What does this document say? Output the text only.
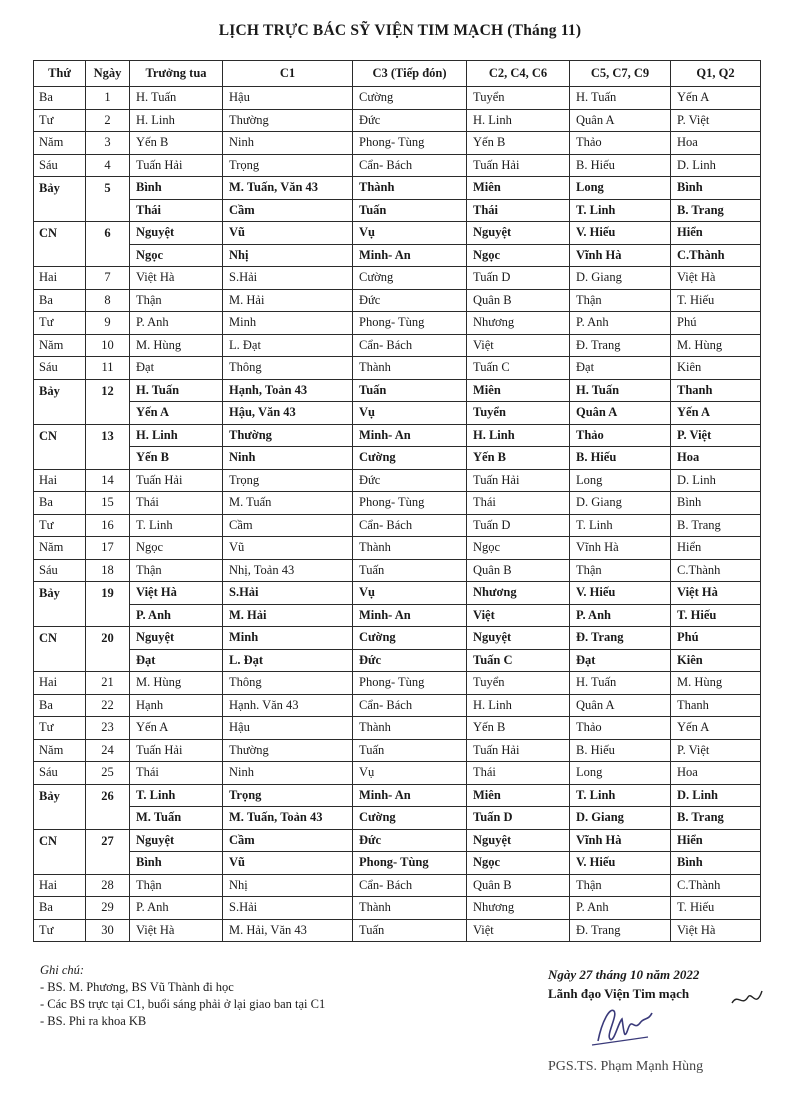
LỊCH TRỰC BÁC SỸ VIỆN TIM MẠCH (Tháng 11)
Thứ	Ngày	Trưởng tua	C1	C3 (Tiếp đón)	C2, C4, C6	C5, C7, C9	Q1, Q2
Ba	1	H. Tuấn	Hậu	Cường	Tuyển	H. Tuấn	Yến A
Tư	2	H. Linh	Thường	Đức	H. Linh	Quân A	P. Việt
Năm	3	Yến B	Ninh	Phong- Tùng	Yến B	Thảo	Hoa
Sáu	4	Tuấn Hải	Trọng	Cẩn- Bách	Tuấn Hải	B. Hiếu	D. Linh
Bảy	5	Bình	M. Tuấn, Văn 43	Thành	Miên	Long	Bình
		Thái	Cầm	Tuấn	Thái	T. Linh	B. Trang
CN	6	Nguyệt	Vũ	Vụ	Nguyệt	V. Hiếu	Hiển
		Ngọc	Nhị	Minh- An	Ngọc	Vĩnh Hà	C.Thành
Hai	7	Việt Hà	S.Hải	Cường	Tuấn D	D. Giang	Việt Hà
Ba	8	Thận	M. Hải	Đức	Quân B	Thận	T. Hiếu
Tư	9	P. Anh	Minh	Phong- Tùng	Nhương	P. Anh	Phú
Năm	10	M. Hùng	L. Đạt	Cẩn- Bách	Việt	Đ. Trang	M. Hùng
Sáu	11	Đạt	Thông	Thành	Tuấn C	Đạt	Kiên
Bảy	12	H. Tuấn	Hạnh, Toản 43	Tuấn	Miên	H. Tuấn	Thanh
		Yến A	Hậu, Văn 43	Vụ	Tuyển	Quân A	Yến A
CN	13	H. Linh	Thường	Minh- An	H. Linh	Thảo	P. Việt
		Yến B	Ninh	Cường	Yến B	B. Hiếu	Hoa
Hai	14	Tuấn Hải	Trọng	Đức	Tuấn Hải	Long	D. Linh
Ba	15	Thái	M. Tuấn	Phong- Tùng	Thái	D. Giang	Bình
Tư	16	T. Linh	Cầm	Cẩn- Bách	Tuấn D	T. Linh	B. Trang
Năm	17	Ngọc	Vũ	Thành	Ngọc	Vĩnh Hà	Hiển
Sáu	18	Thận	Nhị, Toản 43	Tuấn	Quân B	Thận	C.Thành
Bảy	19	Việt Hà	S.Hải	Vụ	Nhương	V. Hiếu	Việt Hà
		P. Anh	M. Hải	Minh- An	Việt	P. Anh	T. Hiếu
CN	20	Nguyệt	Minh	Cường	Nguyệt	Đ. Trang	Phú
		Đạt	L. Đạt	Đức	Tuấn C	Đạt	Kiên
Hai	21	M. Hùng	Thông	Phong- Tùng	Tuyển	H. Tuấn	M. Hùng
Ba	22	Hạnh	Hạnh. Văn 43	Cẩn- Bách	H. Linh	Quân A	Thanh
Tư	23	Yến A	Hậu	Thành	Yến B	Thảo	Yến A
Năm	24	Tuấn Hải	Thường	Tuấn	Tuấn Hải	B. Hiếu	P. Việt
Sáu	25	Thái	Ninh	Vụ	Thái	Long	Hoa
Bảy	26	T. Linh	Trọng	Minh- An	Miên	T. Linh	D. Linh
		M. Tuấn	M. Tuấn, Toản 43	Cường	Tuấn D	D. Giang	B. Trang
CN	27	Nguyệt	Cầm	Đức	Nguyệt	Vĩnh Hà	Hiển
		Bình	Vũ	Phong- Tùng	Ngọc	V. Hiếu	Bình
Hai	28	Thận	Nhị	Cẩn- Bách	Quân B	Thận	C.Thành
Ba	29	P. Anh	S.Hải	Thành	Nhương	P. Anh	T. Hiếu
Tư	30	Việt Hà	M. Hải, Văn 43	Tuấn	Việt	Đ. Trang	Việt Hà
Ghi chú:
- BS. M. Phương, BS Vũ Thành đi học
- Các BS trực tại C1, buổi sáng phải ở lại giao ban tại C1
- BS. Phi ra khoa KB
Ngày 27 tháng 10 năm 2022
Lãnh đạo Viện Tim mạch
PGS.TS. Phạm Mạnh Hùng
